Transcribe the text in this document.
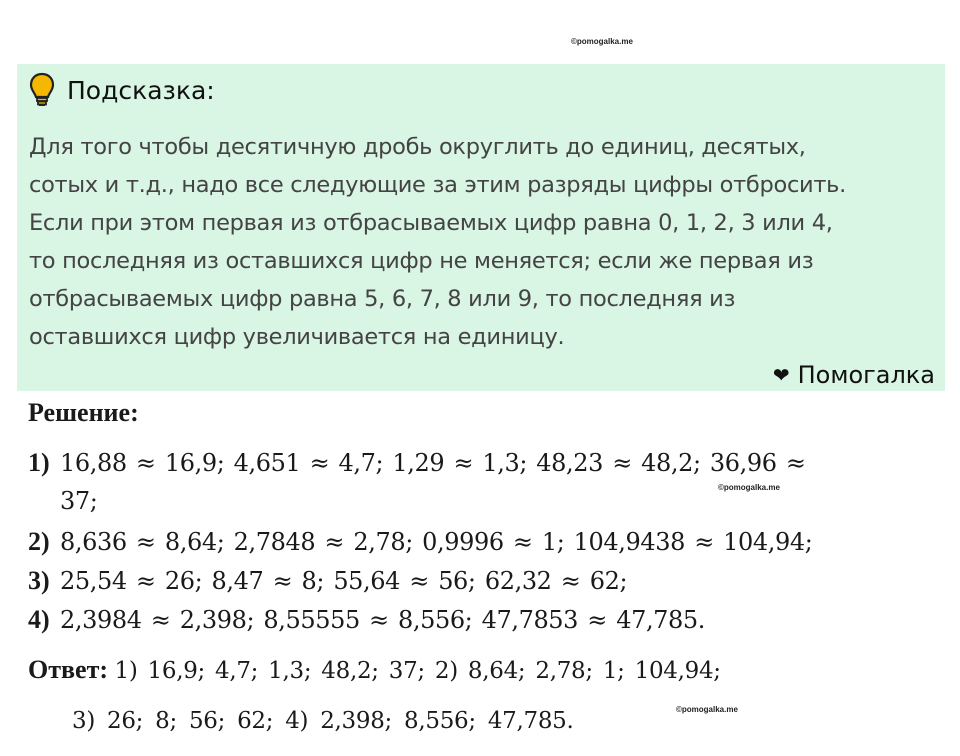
©pomogalka.me
Подсказка:
Для того чтобы десятичную дробь округлить до единиц, десятых,
сотых и т.д., надо все следующие за этим разряды цифры отбросить.
Если при этом первая из отбрасываемых цифр равна 0, 1, 2, 3 или 4,
то последняя из оставшихся цифр не меняется; если же первая из
отбрасываемых цифр равна 5, 6, 7, 8 или 9, то последняя из
оставшихся цифр увеличивается на единицу.
❤ Помогалка
Решение:
1) 16,88 ≈ 16,9; 4,651 ≈ 4,7; 1,29 ≈ 1,3; 48,23 ≈ 48,2; 36,96 ≈
37;	©pomogalka.me
2) 8,636 ≈ 8,64; 2,7848 ≈ 2,78; 0,9996 ≈ 1; 104,9438 ≈ 104,94;
3) 25,54 ≈ 26; 8,47 ≈ 8; 55,64 ≈ 56; 62,32 ≈ 62;
4) 2,3984 ≈ 2,398; 8,55555 ≈ 8,556; 47,7853 ≈ 47,785.
Ответ: 1) 16,9; 4,7; 1,3; 48,2; 37; 2) 8,64; 2,78; 1; 104,94;
3) 26; 8; 56; 62; 4) 2,398; 8,556; 47,785.	©pomogalka.me
